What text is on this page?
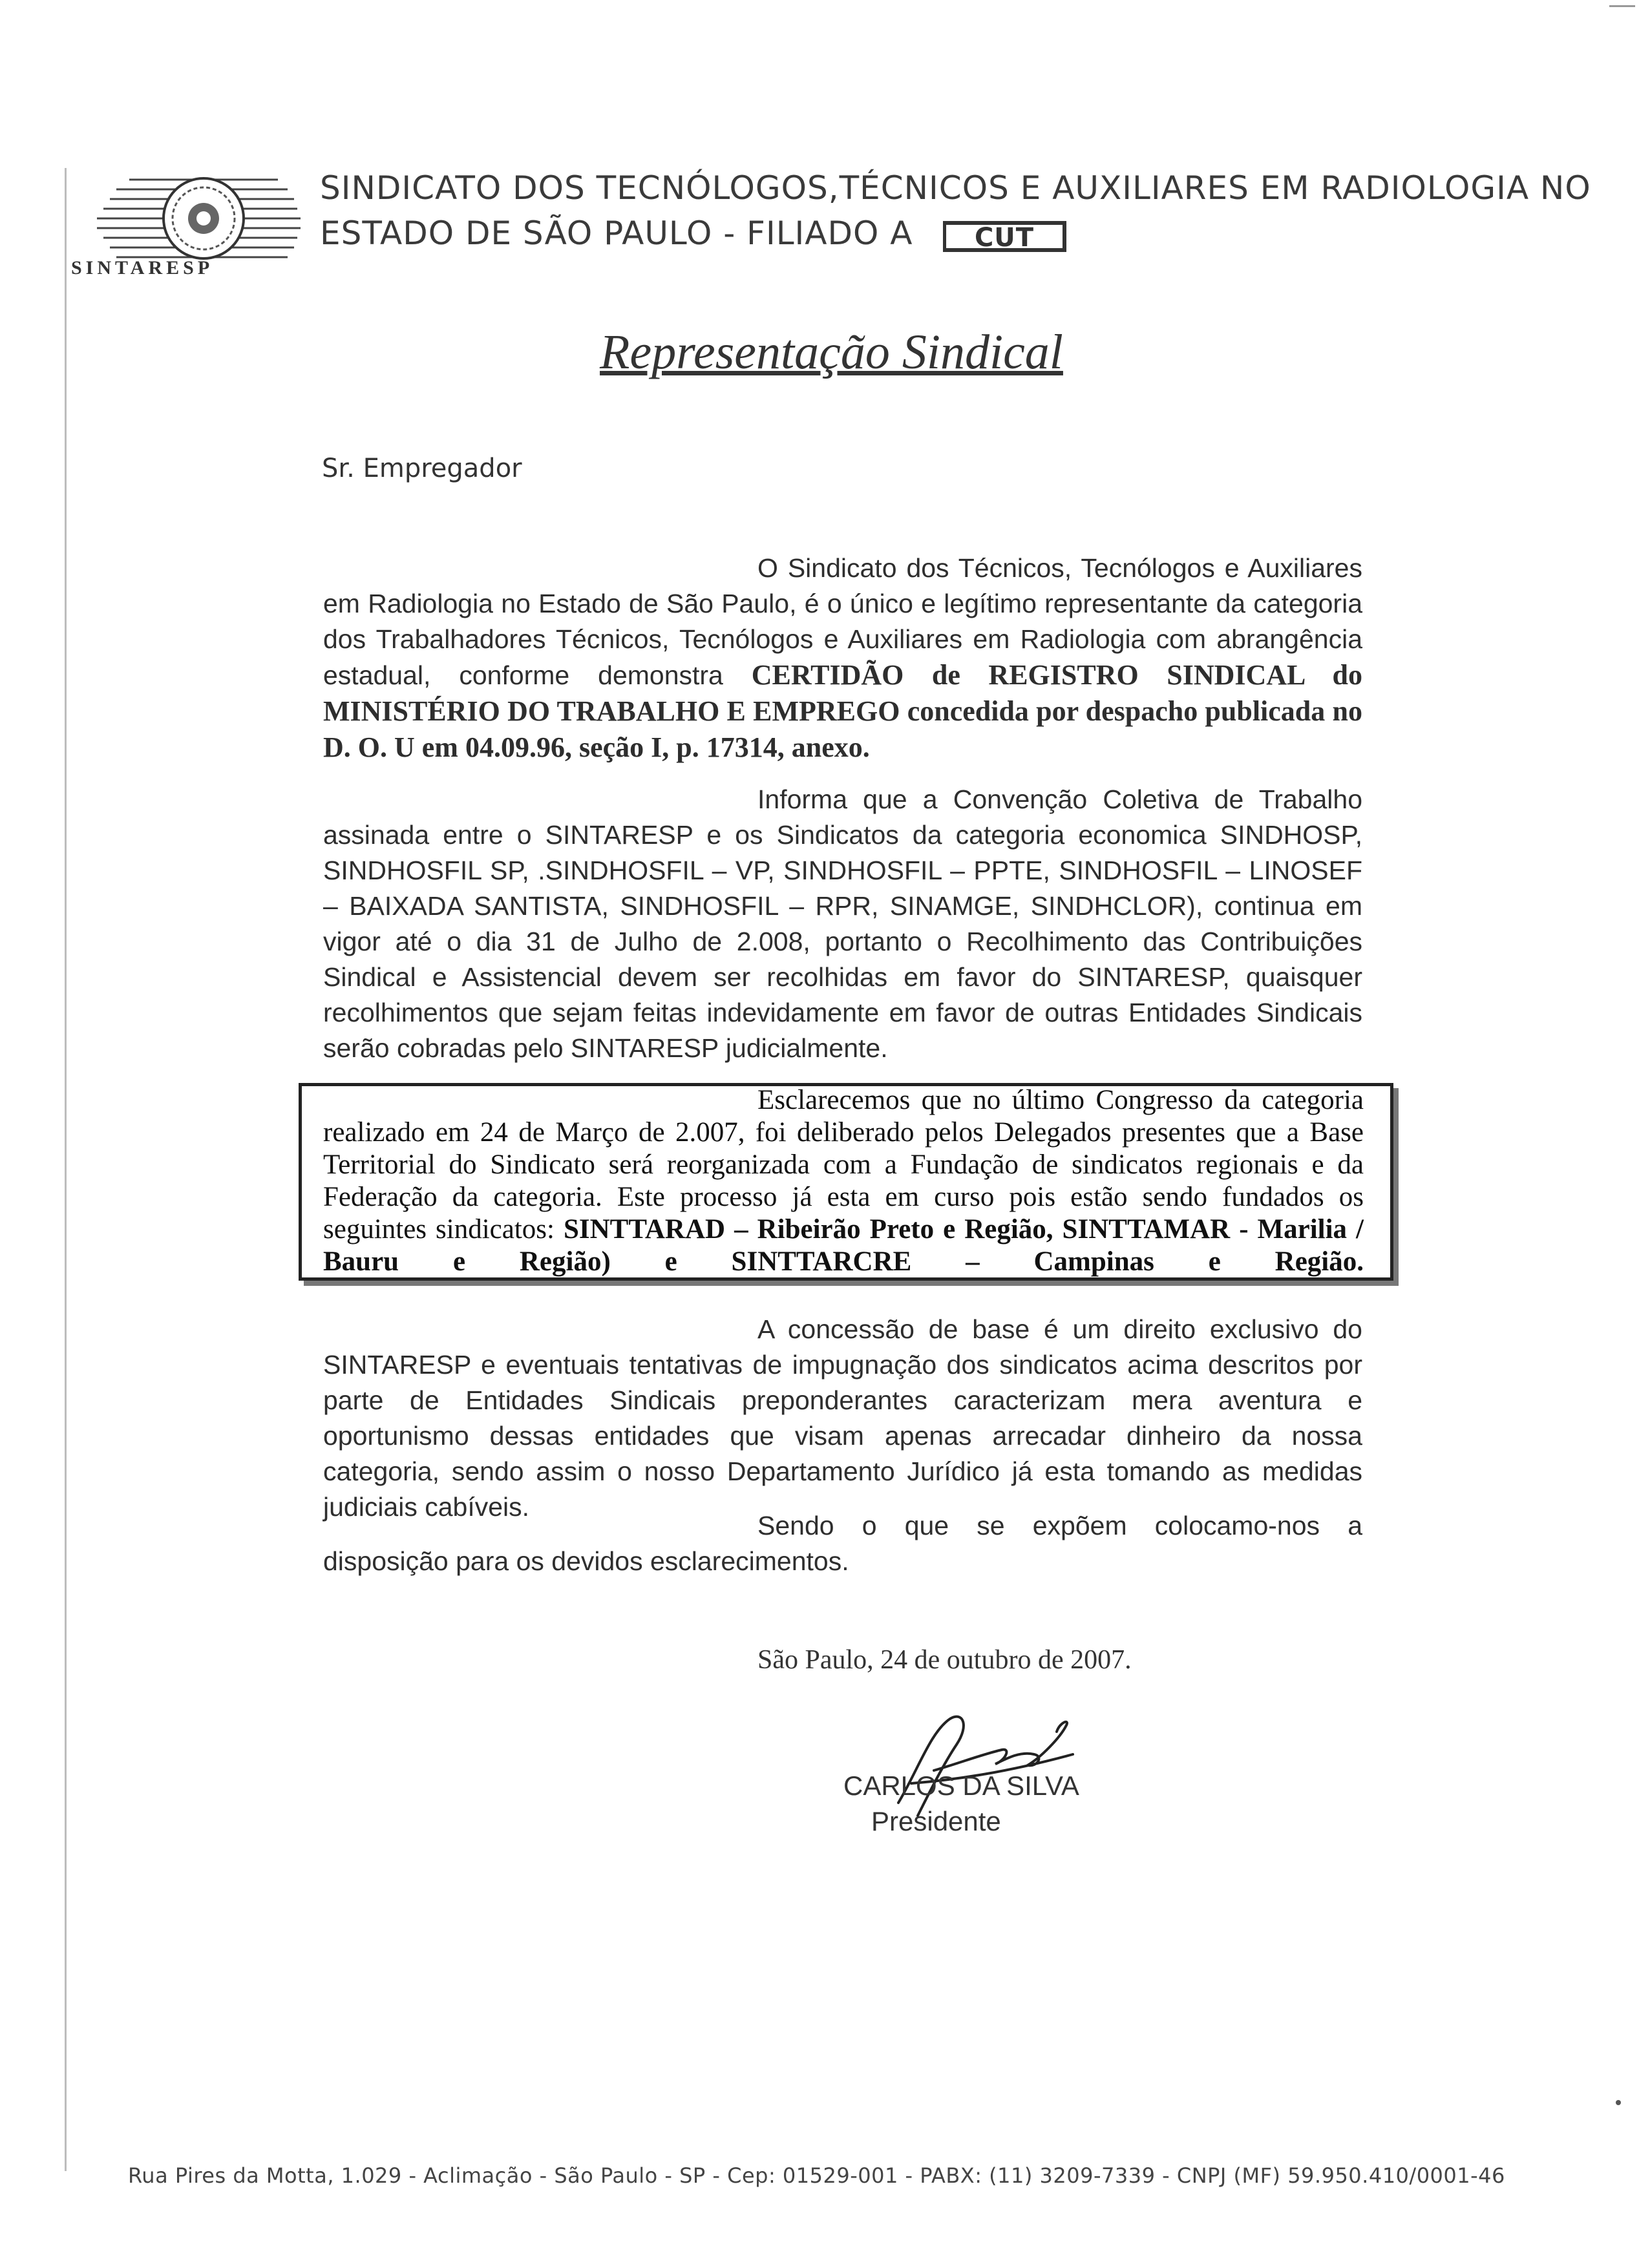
SINTARESP
SINDICATO DOS TECNÓLOGOS,TÉCNICOS E AUXILIARES EM RADIOLOGIA NO
ESTADO DE SÃO PAULO - FILIADO A CUT
Representação Sindical
Sr. Empregador
O Sindicato dos Técnicos, Tecnólogos e Auxiliares em Radiologia no Estado de São Paulo, é o único e legítimo representante da categoria dos Trabalhadores Técnicos, Tecnólogos e Auxiliares em Radiologia com abrangência estadual, conforme demonstra CERTIDÃO de REGISTRO SINDICAL do MINISTÉRIO DO TRABALHO E EMPREGO concedida por despacho publicada no D. O. U em 04.09.96, seção I, p. 17314, anexo.
Informa que a Convenção Coletiva de Trabalho assinada entre o SINTARESP e os Sindicatos da categoria economica SINDHOSP, SINDHOSFIL SP, .SINDHOSFIL – VP, SINDHOSFIL – PPTE, SINDHOSFIL – LINOSEF – BAIXADA SANTISTA, SINDHOSFIL – RPR, SINAMGE, SINDHCLOR), continua em vigor até o dia 31 de Julho de 2.008, portanto o Recolhimento das Contribuições Sindical e Assistencial devem ser recolhidas em favor do SINTARESP, quaisquer recolhimentos que sejam feitas indevidamente em favor de outras Entidades Sindicais serão cobradas pelo SINTARESP judicialmente.
Esclarecemos que no último Congresso da categoria realizado em 24 de Março de 2.007, foi deliberado pelos Delegados presentes que a Base Territorial do Sindicato será reorganizada com a Fundação de sindicatos regionais e da Federação da categoria. Este processo já esta em curso pois estão sendo fundados os seguintes sindicatos: SINTTARAD – Ribeirão Preto e Região, SINTTAMAR - Marilia / Bauru e Região) e SINTTARCRE – Campinas e Região.
A concessão de base é um direito exclusivo do SINTARESP e eventuais tentativas de impugnação dos sindicatos acima descritos por parte de Entidades Sindicais preponderantes caracterizam mera aventura e oportunismo dessas entidades que visam apenas arrecadar dinheiro da nossa categoria, sendo assim o nosso Departamento Jurídico já esta tomando as medidas judiciais cabíveis.
Sendo o que se expõem colocamo-nos a disposição para os devidos esclarecimentos.
São Paulo, 24 de outubro de 2007.
CARLOS DA SILVA
Presidente
Rua Pires da Motta, 1.029 - Aclimação - São Paulo - SP - Cep: 01529-001 - PABX: (11) 3209-7339 - CNPJ (MF) 59.950.410/0001-46
